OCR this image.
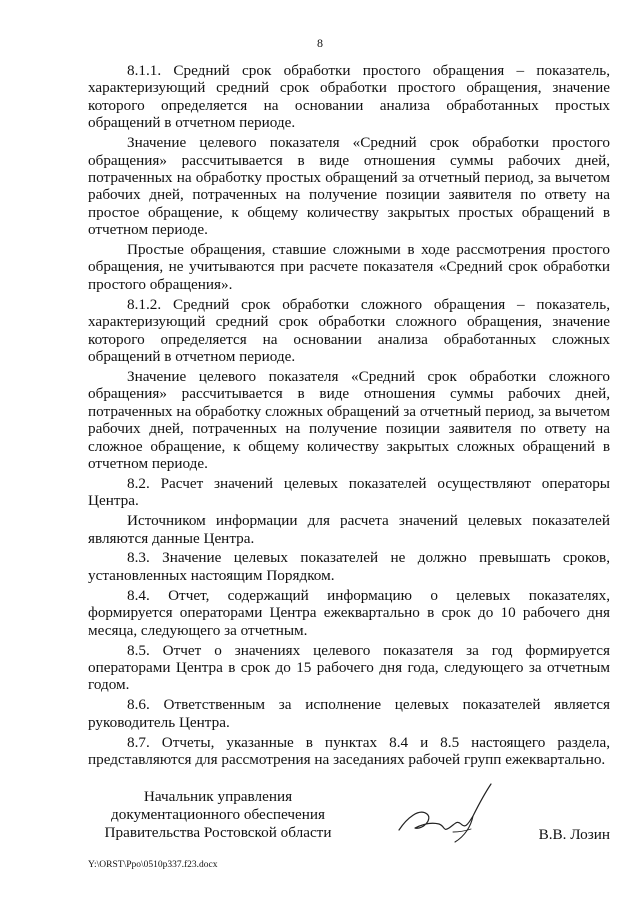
8

8.1.1. Средний срок обработки простого обращения – показатель, характеризующий средний срок обработки простого обращения, значение которого определяется на основании анализа обработанных простых обращений в отчетном периоде.

Значение целевого показателя «Средний срок обработки простого обращения» рассчитывается в виде отношения суммы рабочих дней, потраченных на обработку простых обращений за отчетный период, за вычетом рабочих дней, потраченных на получение позиции заявителя по ответу на простое обращение, к общему количеству закрытых простых обращений в отчетном периоде.

Простые обращения, ставшие сложными в ходе рассмотрения простого обращения, не учитываются при расчете показателя «Средний срок обработки простого обращения».

8.1.2. Средний срок обработки сложного обращения – показатель, характеризующий средний срок обработки сложного обращения, значение которого определяется на основании анализа обработанных сложных обращений в отчетном периоде.

Значение целевого показателя «Средний срок обработки сложного обращения» рассчитывается в виде отношения суммы рабочих дней, потраченных на обработку сложных обращений за отчетный период, за вычетом рабочих дней, потраченных на получение позиции заявителя по ответу на сложное обращение, к общему количеству закрытых сложных обращений в отчетном периоде.

8.2. Расчет значений целевых показателей осуществляют операторы Центра.

Источником информации для расчета значений целевых показателей являются данные Центра.

8.3. Значение целевых показателей не должно превышать сроков, установленных настоящим Порядком.

8.4. Отчет, содержащий информацию о целевых показателях, формируется операторами Центра ежеквартально в срок до 10 рабочего дня месяца, следующего за отчетным.

8.5. Отчет о значениях целевого показателя за год формируется операторами Центра в срок до 15 рабочего дня года, следующего за отчетным годом.

8.6. Ответственным за исполнение целевых показателей является руководитель Центра.

8.7. Отчеты, указанные в пунктах 8.4 и 8.5 настоящего раздела, представляются для рассмотрения на заседаниях рабочей групп ежеквартально.

Начальник управления
документационного обеспечения
Правительства Ростовской области	В.В. Лозин
Y:\ORST\Ppo\0510p337.f23.docx
